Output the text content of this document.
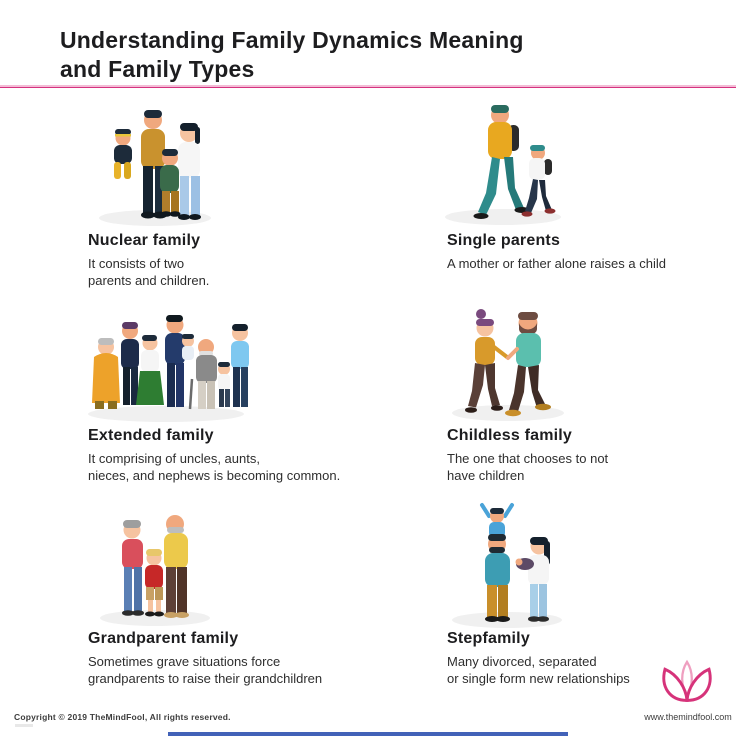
Understanding Family Dynamics Meaning
and Family Types
Nuclear family

It consists of two
parents and children.

Single parents

A mother or father alone raises a child

Extended family

It comprising of uncles, aunts,
nieces, and nephews is becoming common.

Childless family

The one that chooses to not
have children

Grandparent family

Sometimes grave situations force
grandparents to raise their grandchildren

Stepfamily

Many divorced, separated
or single form new relationships

Copyright © 2019 TheMindFool, All rights reserved.	www.themindfool.com
